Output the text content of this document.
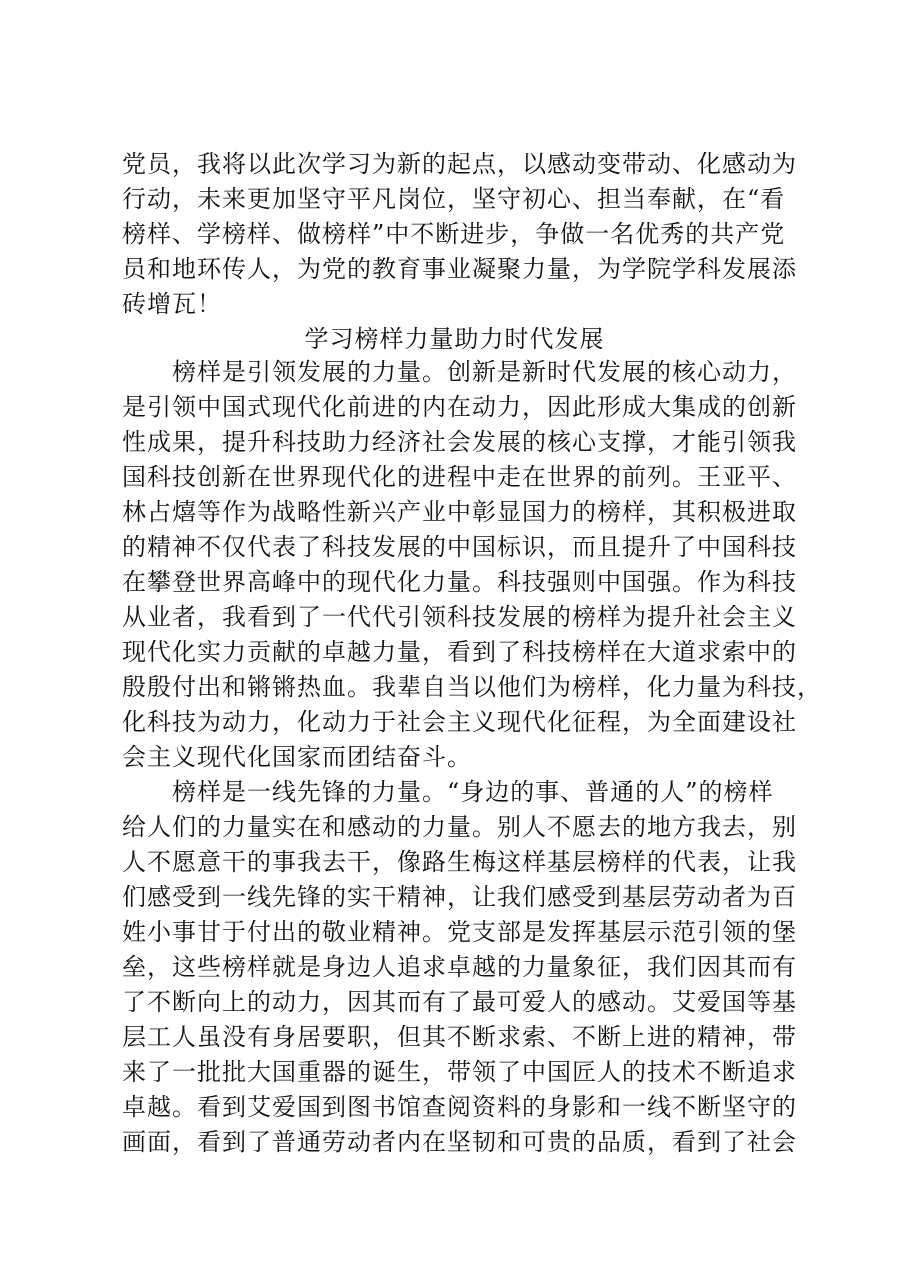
党员，我将以此次学习为新的起点，以感动变带动、化感动为
行动，未来更加坚守平凡岗位，坚守初心、担当奉献，在“看
榜样、学榜样、做榜样”中不断进步，争做一名优秀的共产党
员和地环传人，为党的教育事业凝聚力量，为学院学科发展添
砖增瓦！
学习榜样力量助力时代发展
　　榜样是引领发展的力量。创新是新时代发展的核心动力，
是引领中国式现代化前进的内在动力，因此形成大集成的创新
性成果，提升科技助力经济社会发展的核心支撑，才能引领我
国科技创新在世界现代化的进程中走在世界的前列。王亚平、
林占熺等作为战略性新兴产业中彰显国力的榜样，其积极进取
的精神不仅代表了科技发展的中国标识，而且提升了中国科技
在攀登世界高峰中的现代化力量。科技强则中国强。作为科技
从业者，我看到了一代代引领科技发展的榜样为提升社会主义
现代化实力贡献的卓越力量，看到了科技榜样在大道求索中的
殷殷付出和锵锵热血。我辈自当以他们为榜样，化力量为科技，
化科技为动力，化动力于社会主义现代化征程，为全面建设社
会主义现代化国家而团结奋斗。
　　榜样是一线先锋的力量。“身边的事、普通的人”的榜样
给人们的力量实在和感动的力量。别人不愿去的地方我去，别
人不愿意干的事我去干，像路生梅这样基层榜样的代表，让我
们感受到一线先锋的实干精神，让我们感受到基层劳动者为百
姓小事甘于付出的敬业精神。党支部是发挥基层示范引领的堡
垒，这些榜样就是身边人追求卓越的力量象征，我们因其而有
了不断向上的动力，因其而有了最可爱人的感动。艾爱国等基
层工人虽没有身居要职，但其不断求索、不断上进的精神，带
来了一批批大国重器的诞生，带领了中国匠人的技术不断追求
卓越。看到艾爱国到图书馆查阅资料的身影和一线不断坚守的
画面，看到了普通劳动者内在坚韧和可贵的品质，看到了社会
